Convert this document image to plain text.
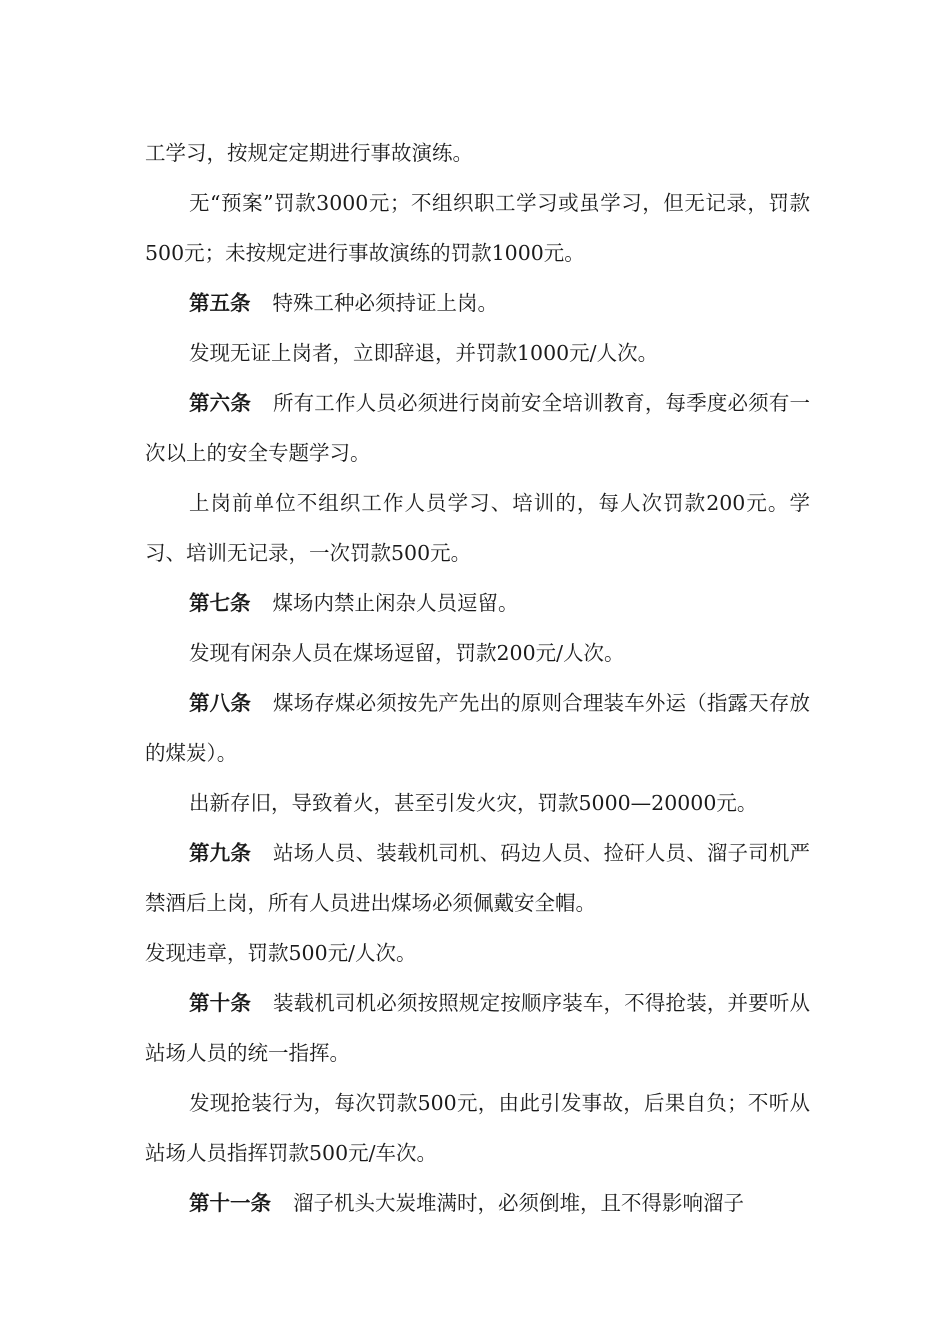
工学习，按规定定期进行事故演练。

无“预案”罚款3000元；不组织职工学习或虽学习，但无记录，罚款500元；未按规定进行事故演练的罚款1000元。

第五条 特殊工种必须持证上岗。

发现无证上岗者，立即辞退，并罚款1000元/人次。

第六条 所有工作人员必须进行岗前安全培训教育，每季度必须有一次以上的安全专题学习。

上岗前单位不组织工作人员学习、培训的，每人次罚款200元。学习、培训无记录，一次罚款500元。

第七条 煤场内禁止闲杂人员逗留。

发现有闲杂人员在煤场逗留，罚款200元/人次。

第八条 煤场存煤必须按先产先出的原则合理装车外运（指露天存放的煤炭）。

出新存旧，导致着火，甚至引发火灾，罚款5000—20000元。

第九条 站场人员、装载机司机、码边人员、捡矸人员、溜子司机严禁酒后上岗，所有人员进出煤场必须佩戴安全帽。

发现违章，罚款500元/人次。

第十条 装载机司机必须按照规定按顺序装车，不得抢装，并要听从站场人员的统一指挥。

发现抢装行为，每次罚款500元，由此引发事故，后果自负；不听从站场人员指挥罚款500元/车次。

第十一条 溜子机头大炭堆满时，必须倒堆，且不得影响溜子
